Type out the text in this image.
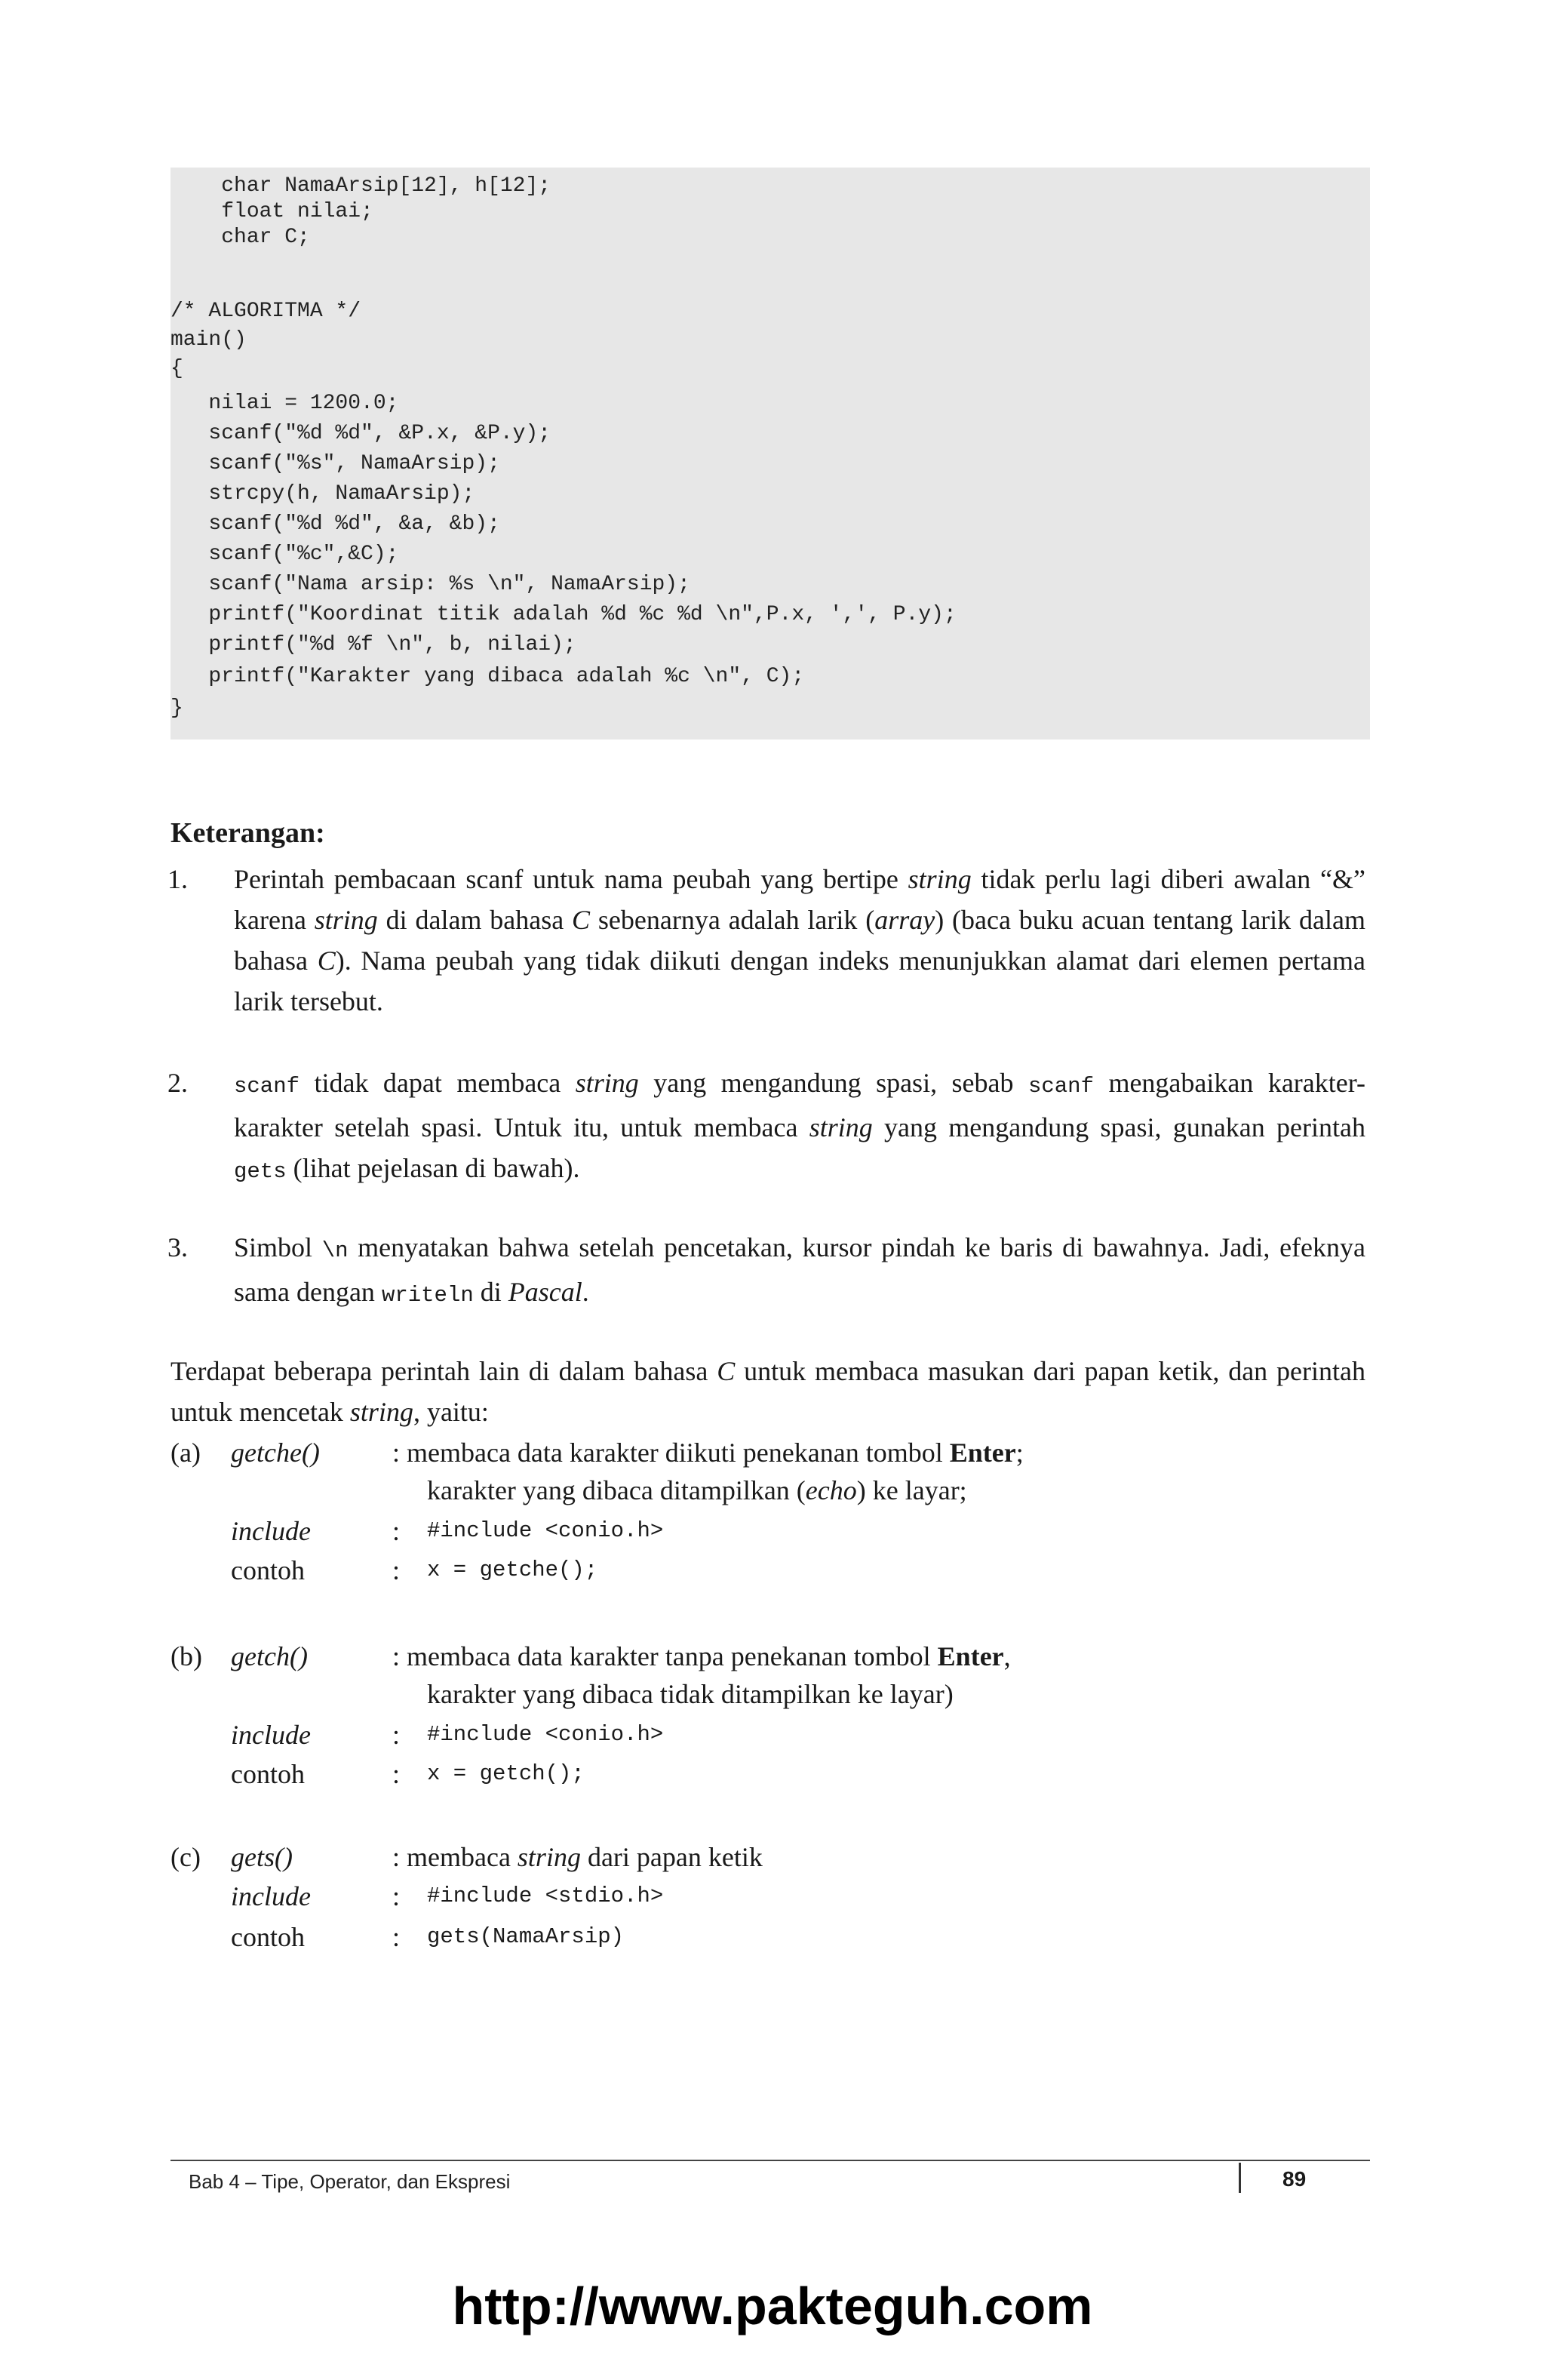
char NamaArsip[12], h[12];
float nilai;
char C;
/* ALGORITMA */
main()
{
nilai = 1200.0;
scanf("%d %d", &P.x, &P.y);
scanf("%s", NamaArsip);
strcpy(h, NamaArsip);
scanf("%d %d", &a, &b);
scanf("%c",&C);
scanf("Nama arsip: %s \n", NamaArsip);
printf("Koordinat titik adalah %d %c %d \n",P.x, ',', P.y);
printf("%d %f \n", b, nilai);
printf("Karakter yang dibaca adalah %c \n", C);
}
Keterangan:
1. Perintah pembacaan scanf untuk nama peubah yang bertipe string tidak perlu lagi diberi awalan “&” karena string di dalam bahasa C sebenarnya adalah larik (array) (baca buku acuan tentang larik dalam bahasa C). Nama peubah yang tidak diikuti dengan indeks menunjukkan alamat dari elemen pertama larik tersebut.
2. scanf tidak dapat membaca string yang mengandung spasi, sebab scanf mengabaikan karakter-karakter setelah spasi. Untuk itu, untuk membaca string yang mengandung spasi, gunakan perintah gets (lihat pejelasan di bawah).
3. Simbol \n menyatakan bahwa setelah pencetakan, kursor pindah ke baris di bawahnya. Jadi, efeknya sama dengan writeln di Pascal.
Terdapat beberapa perintah lain di dalam bahasa C untuk membaca masukan dari papan ketik, dan perintah untuk mencetak string, yaitu:
(a) getche()	: membaca data karakter diikuti penekanan tombol Enter;
karakter yang dibaca ditampilkan (echo) ke layar;
include	: #include <conio.h>
contoh	: x = getche();
(b) getch()	: membaca data karakter tanpa penekanan tombol Enter,
karakter yang dibaca tidak ditampilkan ke layar)
include	: #include <conio.h>
contoh	: x = getch();
(c) gets()	: membaca string dari papan ketik
include	: #include <stdio.h>
contoh	: gets(NamaArsip)
Bab 4 – Tipe, Operator, dan Ekspresi	89
http://www.pakteguh.com
